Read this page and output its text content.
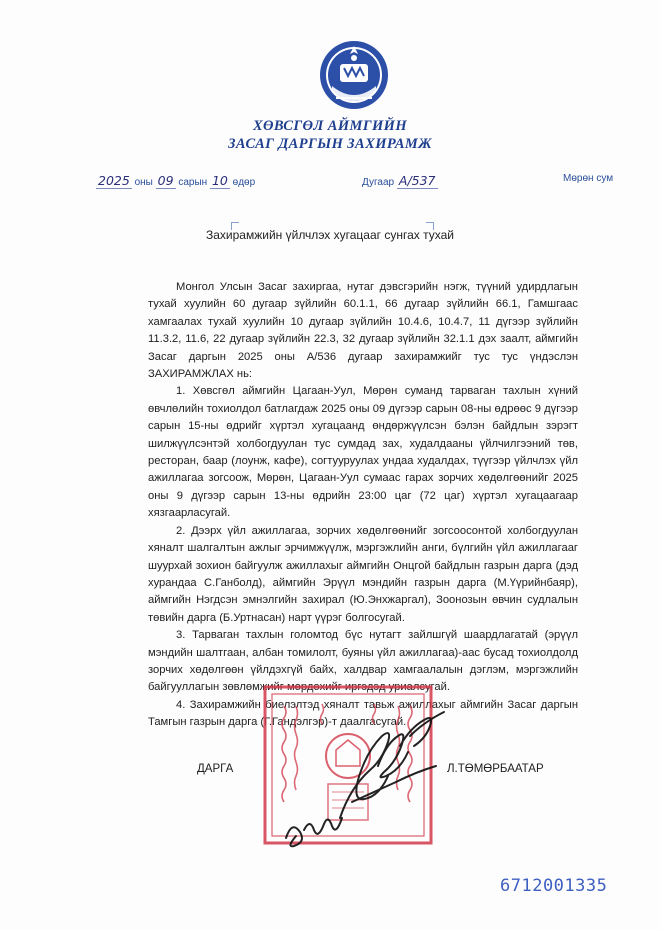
ХӨВСГӨЛ АЙМГИЙН
ЗАСАГ ДАРГЫН ЗАХИРАМЖ
2025 оны 09 сарын 10 өдөр	Дугаар А/537	Мөрөн сум
Захирамжийн үйлчлэх хугацааг сунгах тухай

Монгол Улсын Засаг захиргаа, нутаг дэвсгэрийн нэгж, түүний удирдлагын тухай хуулийн 60 дугаар зүйлийн 60.1.1, 66 дугаар зүйлийн 66.1, Гамшгаас хамгаалах тухай хуулийн 10 дугаар зүйлийн 10.4.6, 10.4.7, 11 дүгээр зүйлийн 11.3.2, 11.6, 22 дугаар зүйлийн 22.3, 32 дугаар зүйлийн 32.1.1 дэх заалт, аймгийн Засаг даргын 2025 оны А/536 дугаар захирамжийг тус тус үндэслэн ЗАХИРАМЖЛАХ нь:

1. Хөвсгөл аймгийн Цагаан-Уул, Мөрөн суманд тарваган тахлын хүний өвчлөлийн тохиолдол батлагдаж 2025 оны 09 дүгээр сарын 08-ны өдрөөс 9 дүгээр сарын 15-ны өдрийг хүртэл хугацаанд өндөржүүлсэн бэлэн байдлын зэрэгт шилжүүлсэнтэй холбогдуулан тус сумдад зах, худалдааны үйлчилгээний төв, ресторан, баар (лоунж, кафе), согтууруулах ундаа худалдах, түүгээр үйлчлэх үйл ажиллагаа зогсоож, Мөрөн, Цагаан-Уул сумаас гарах зорчих хөдөлгөөнийг 2025 оны 9 дүгээр сарын 13-ны өдрийн 23:00 цаг (72 цаг) хүртэл хугацаагаар хязгаарласугай.

2. Дээрх үйл ажиллагаа, зорчих хөдөлгөөнийг зогсоосонтой холбогдуулан хяналт шалгалтын ажлыг эрчимжүүлж, мэргэжлийн анги, бүлгийн үйл ажиллагааг шуурхай зохион байгуулж ажиллахыг аймгийн Онцгой байдлын газрын дарга (дэд хурандаа С.Ганболд), аймгийн Эрүүл мэндийн газрын дарга (М.Үүрийнбаяр), аймгийн Нэгдсэн эмнэлгийн захирал (Ю.Энхжаргал), Зоонозын өвчин судлалын төвийн дарга (Б.Уртнасан) нарт үүрэг болгосугай.

3. Тарваган тахлын голомтод бүс нутагт зайлшгүй шаардлагатай (эрүүл мэндийн шалтгаан, албан томилолт, буяны үйл ажиллагаа)-аас бусад тохиолдолд зорчих хөдөлгөөн үйлдэхгүй байх, халдвар хамгаалалын дэглэм, мэргэжлийн байгууллагын зөвлөмжийг мөрдөхийг иргэдэд уриалсугай.

4. Захирамжийн биелэлтэд хяналт тавьж ажиллахыг аймгийн Засаг даргын Тамгын газрын дарга (Г.Гандэлгэр)-т даалгасугай.

ДАРГА	Л.ТӨМӨРБААТАР
6712001335
